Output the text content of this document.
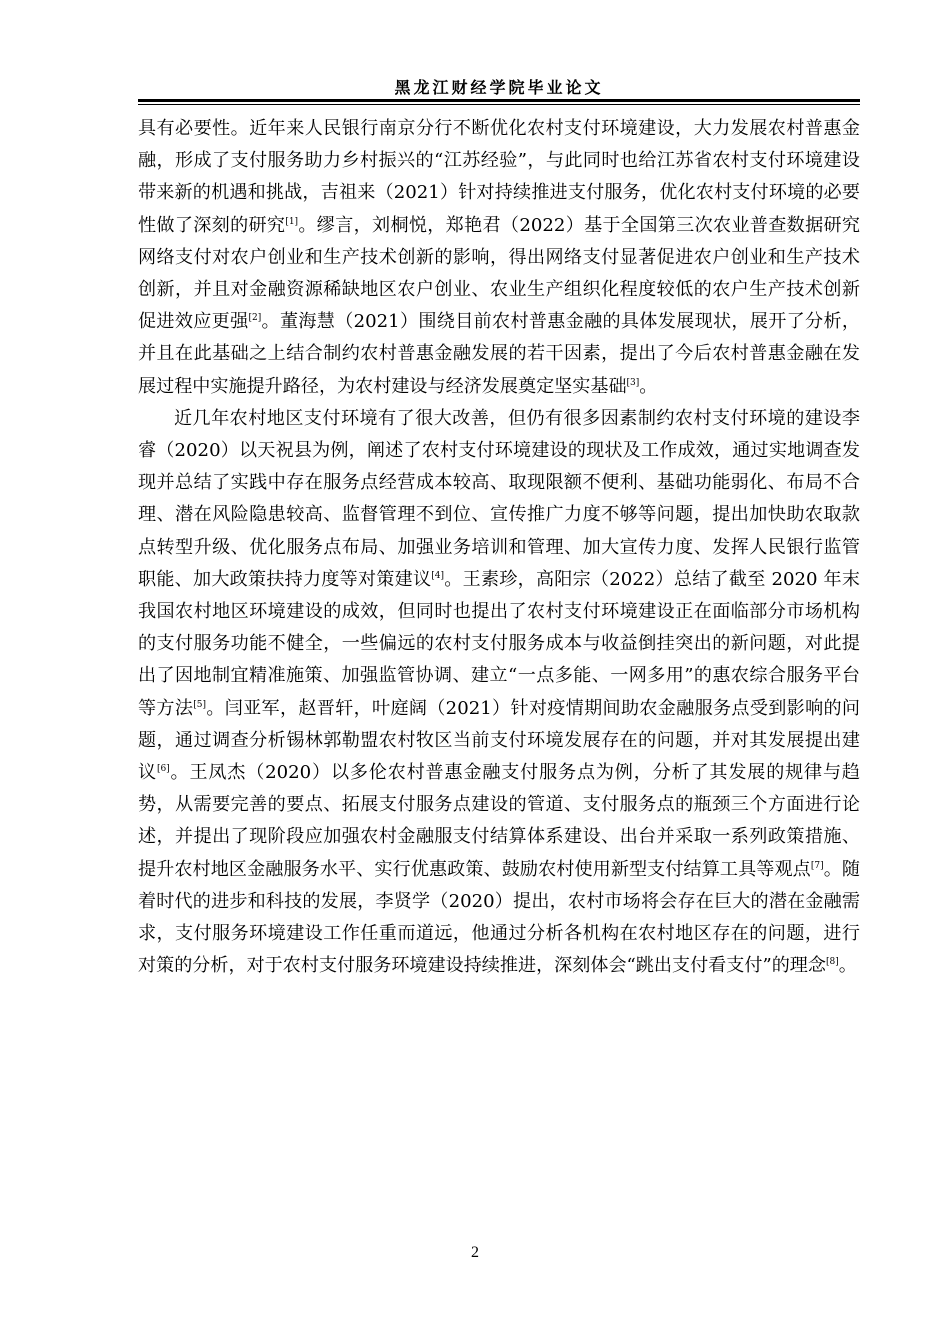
黑龙江财经学院毕业论文

具有必要性。近年来人民银行南京分行不断优化农村支付环境建设，大力发展农村普惠金融，形成了支付服务助力乡村振兴的“江苏经验”，与此同时也给江苏省农村支付环境建设带来新的机遇和挑战，吉祖来（2021）针对持续推进支付服务，优化农村支付环境的必要性做了深刻的研究[1]。缪言，刘桐悦，郑艳君（2022）基于全国第三次农业普查数据研究网络支付对农户创业和生产技术创新的影响，得出网络支付显著促进农户创业和生产技术创新，并且对金融资源稀缺地区农户创业、农业生产组织化程度较低的农户生产技术创新促进效应更强[2]。董海慧（2021）围绕目前农村普惠金融的具体发展现状，展开了分析，并且在此基础之上结合制约农村普惠金融发展的若干因素，提出了今后农村普惠金融在发展过程中实施提升路径，为农村建设与经济发展奠定坚实基础[3]。

近几年农村地区支付环境有了很大改善，但仍有很多因素制约农村支付环境的建设李睿（2020）以天祝县为例，阐述了农村支付环境建设的现状及工作成效，通过实地调查发现并总结了实践中存在服务点经营成本较高、取现限额不便利、基础功能弱化、布局不合理、潜在风险隐患较高、监督管理不到位、宣传推广力度不够等问题，提出加快助农取款点转型升级、优化服务点布局、加强业务培训和管理、加大宣传力度、发挥人民银行监管职能、加大政策扶持力度等对策建议[4]。王素珍，高阳宗（2022）总结了截至 2020 年末我国农村地区环境建设的成效，但同时也提出了农村支付环境建设正在面临部分市场机构的支付服务功能不健全，一些偏远的农村支付服务成本与收益倒挂突出的新问题，对此提出了因地制宜精准施策、加强监管协调、建立“一点多能、一网多用”的惠农综合服务平台等方法[5]。闫亚军，赵晋轩，叶庭阔（2021）针对疫情期间助农金融服务点受到影响的问题，通过调查分析锡林郭勒盟农村牧区当前支付环境发展存在的问题，并对其发展提出建议[6]。王凤杰（2020）以多伦农村普惠金融支付服务点为例，分析了其发展的规律与趋势，从需要完善的要点、拓展支付服务点建设的管道、支付服务点的瓶颈三个方面进行论述，并提出了现阶段应加强农村金融服支付结算体系建设、出台并采取一系列政策措施、提升农村地区金融服务水平、实行优惠政策、鼓励农村使用新型支付结算工具等观点[7]。随着时代的进步和科技的发展，李贤学（2020）提出，农村市场将会存在巨大的潜在金融需求，支付服务环境建设工作任重而道远，他通过分析各机构在农村地区存在的问题，进行对策的分析，对于农村支付服务环境建设持续推进，深刻体会“跳出支付看支付”的理念[8]。

2
